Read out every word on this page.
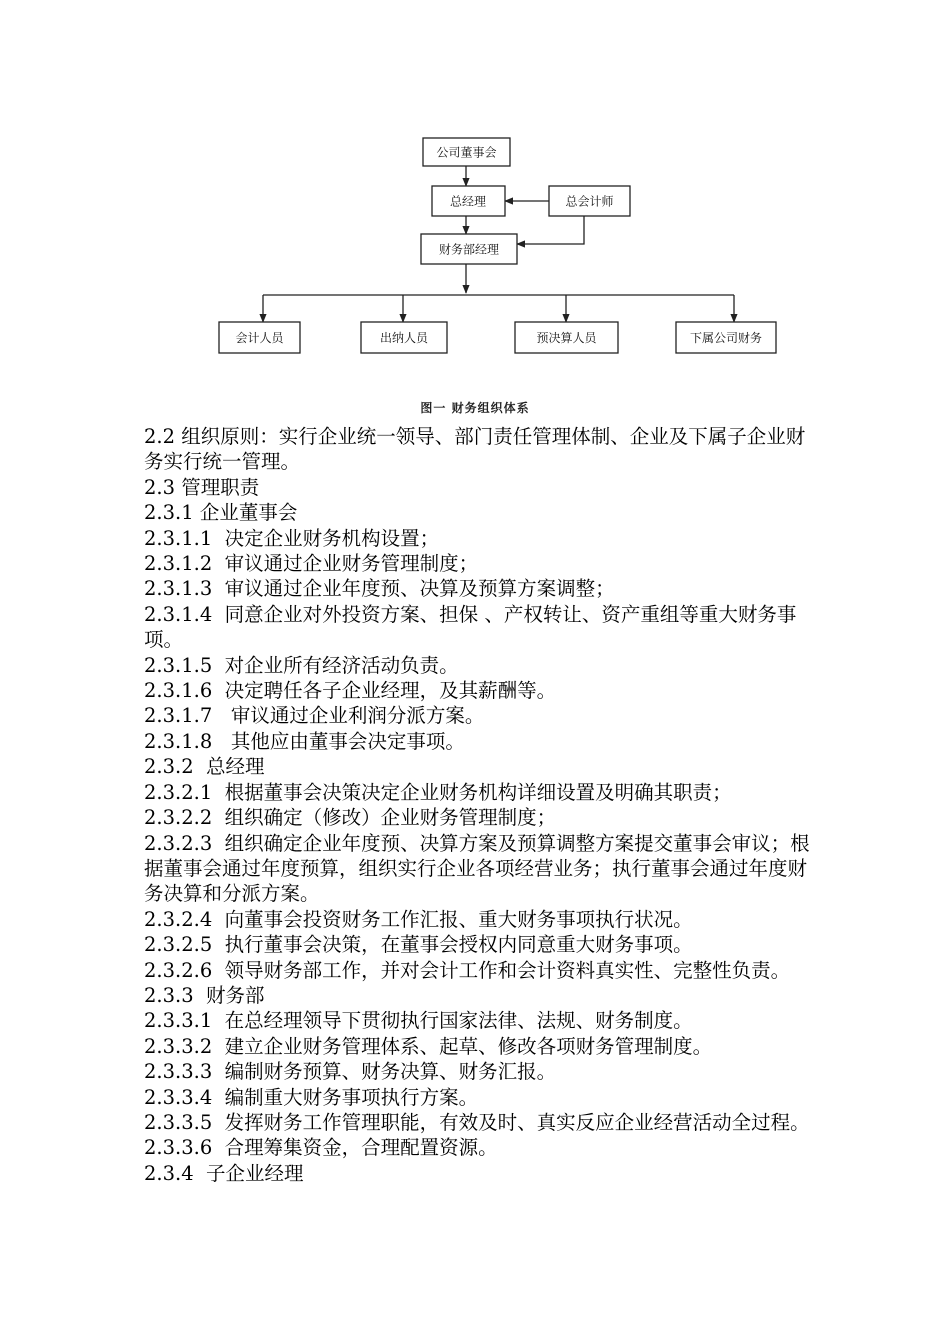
公司董事会
总经理	总会计师
财务部经理
会计人员	出纳人员	预决算人员	下属公司财务
图一 财务组织体系

2.2 组织原则：实行企业统一领导、部门责任管理体制、企业及下属子企业财务实行统一管理。

2.3 管理职责

2.3.1 企业董事会

2.3.1.1  决定企业财务机构设置；

2.3.1.2  审议通过企业财务管理制度；

2.3.1.3  审议通过企业年度预、决算及预算方案调整；

2.3.1.4  同意企业对外投资方案、担保 、产权转让、资产重组等重大财务事项。

2.3.1.5  对企业所有经济活动负责。

2.3.1.6  决定聘任各子企业经理，及其薪酬等。

2.3.1.7   审议通过企业利润分派方案。

2.3.1.8   其他应由董事会决定事项。

2.3.2  总经理

2.3.2.1  根据董事会决策决定企业财务机构详细设置及明确其职责；

2.3.2.2  组织确定（修改）企业财务管理制度；

2.3.2.3  组织确定企业年度预、决算方案及预算调整方案提交董事会审议；根据董事会通过年度预算，组织实行企业各项经营业务；执行董事会通过年度财务决算和分派方案。

2.3.2.4  向董事会投资财务工作汇报、重大财务事项执行状况。

2.3.2.5  执行董事会决策，在董事会授权内同意重大财务事项。

2.3.2.6  领导财务部工作，并对会计工作和会计资料真实性、完整性负责。

2.3.3  财务部

2.3.3.1  在总经理领导下贯彻执行国家法律、法规、财务制度。

2.3.3.2  建立企业财务管理体系、起草、修改各项财务管理制度。

2.3.3.3  编制财务预算、财务决算、财务汇报。

2.3.3.4  编制重大财务事项执行方案。

2.3.3.5  发挥财务工作管理职能，有效及时、真实反应企业经营活动全过程。

2.3.3.6  合理筹集资金，合理配置资源。

2.3.4  子企业经理
